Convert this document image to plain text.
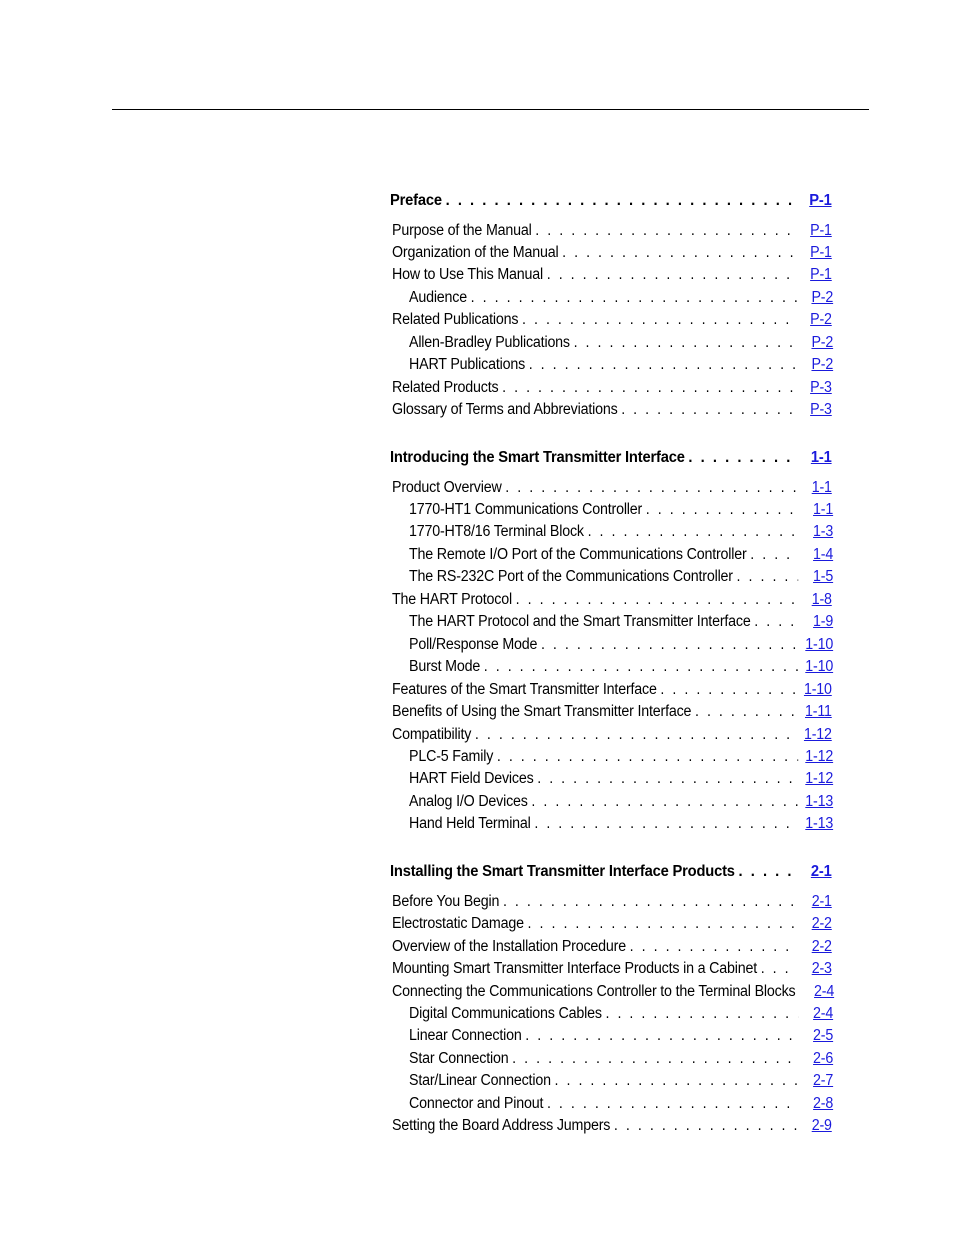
Preface . . .	P-1
Purpose of the Manual . . .	P-1
Organization of the Manual . . .	P-1
How to Use This Manual . . .	P-1
Audience . . .	P-2
Related Publications . . .	P-2
Allen-Bradley Publications . . .	P-2
HART Publications . . .	P-2
Related Products . . .	P-3
Glossary of Terms and Abbreviations . . .	P-3
Introducing the Smart Transmitter Interface . . .	1-1
Product Overview . . .	1-1
1770-HT1 Communications Controller . . .	1-1
1770-HT8/16 Terminal Block . . .	1-3
The Remote I/O Port of the Communications Controller . . .	1-4
The RS-232C Port of the Communications Controller . . .	1-5
The HART Protocol . . .	1-8
The HART Protocol and the Smart Transmitter Interface . . .	1-9
Poll/Response Mode . . .	1-10
Burst Mode . . .	1-10
Features of the Smart Transmitter Interface . . .	1-10
Benefits of Using the Smart Transmitter Interface . . .	1-11
Compatibility . . .	1-12
PLC-5 Family . . .	1-12
HART Field Devices . . .	1-12
Analog I/O Devices . . .	1-13
Hand Held Terminal . . .	1-13
Installing the Smart Transmitter Interface Products . . .	2-1
Before You Begin . . .	2-1
Electrostatic Damage . . .	2-2
Overview of the Installation Procedure . . .	2-2
Mounting Smart Transmitter Interface Products in a Cabinet . . .	2-3
Connecting the Communications Controller to the Terminal Blocks	2-4
Digital Communications Cables . . .	2-4
Linear Connection . . .	2-5
Star Connection . . .	2-6
Star/Linear Connection . . .	2-7
Connector and Pinout . . .	2-8
Setting the Board Address Jumpers . . .	2-9
